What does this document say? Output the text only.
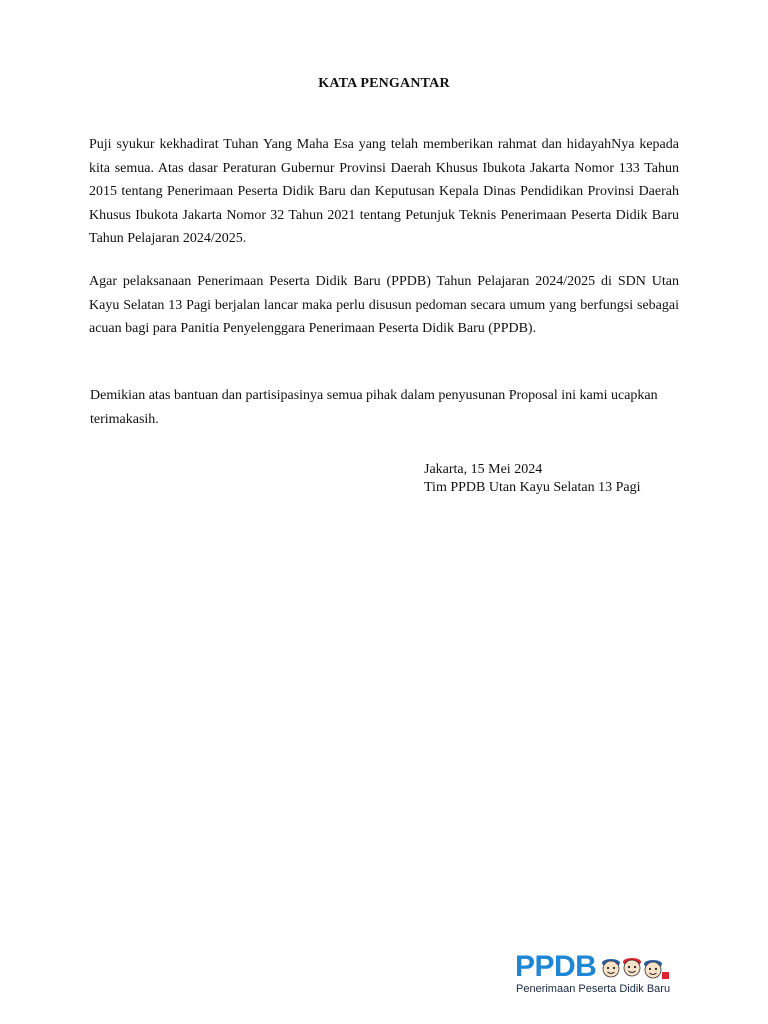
KATA PENGANTAR
Puji syukur kekhadirat Tuhan Yang Maha Esa yang telah memberikan rahmat dan hidayahNya kepada kita semua. Atas dasar Peraturan Gubernur Provinsi Daerah Khusus Ibukota Jakarta Nomor 133 Tahun 2015 tentang Penerimaan Peserta Didik Baru dan Keputusan Kepala Dinas Pendidikan Provinsi Daerah Khusus Ibukota Jakarta Nomor 32 Tahun 2021 tentang Petunjuk Teknis Penerimaan Peserta Didik Baru Tahun Pelajaran 2024/2025.
Agar pelaksanaan Penerimaan Peserta Didik Baru (PPDB) Tahun Pelajaran 2024/2025 di SDN Utan Kayu Selatan 13 Pagi berjalan lancar maka perlu disusun pedoman secara umum yang berfungsi sebagai acuan bagi para Panitia Penyelenggara Penerimaan Peserta Didik Baru (PPDB).
Demikian atas bantuan dan partisipasinya semua pihak dalam penyusunan Proposal ini kami ucapkan terimakasih.
Jakarta, 15 Mei 2024
Tim PPDB Utan Kayu Selatan 13 Pagi
PPDB
Penerimaan Peserta Didik Baru
